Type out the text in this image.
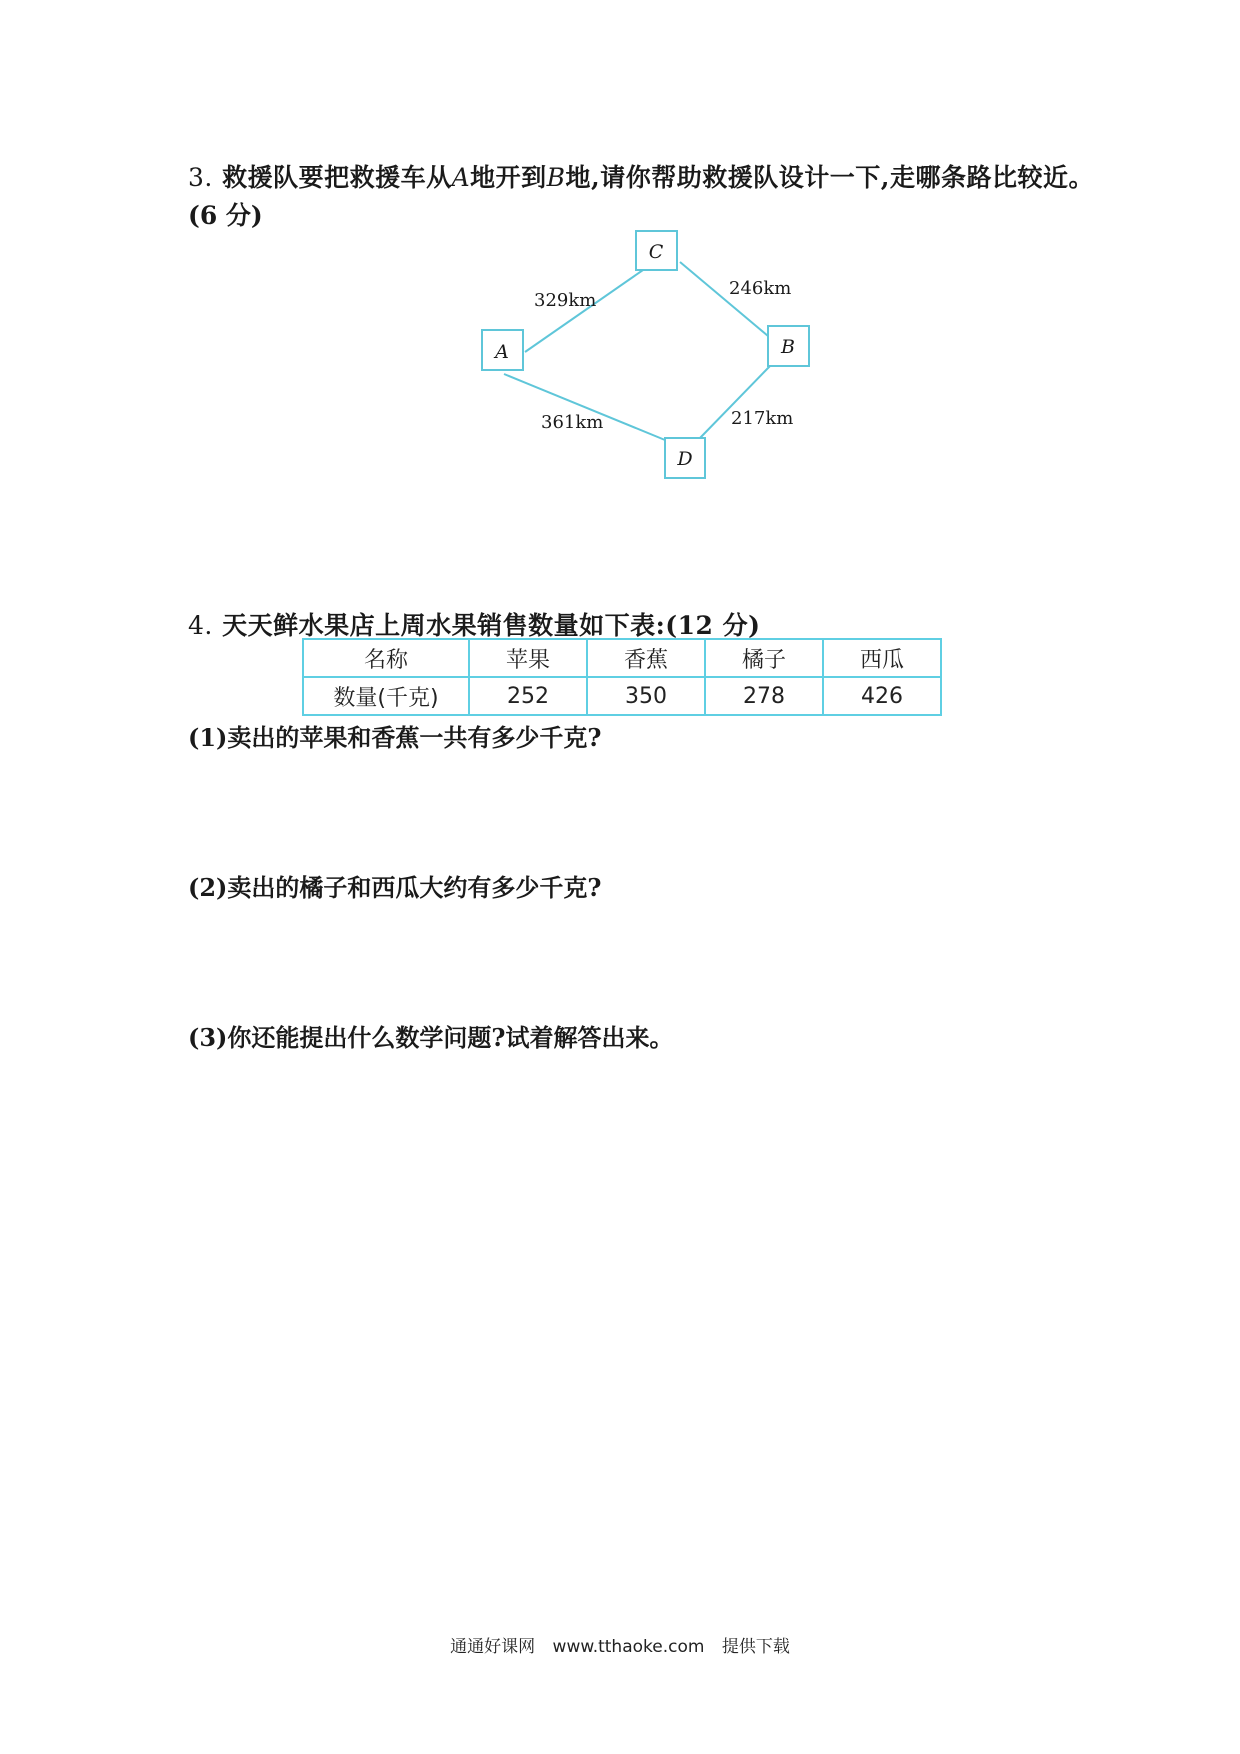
3. 救援队要把救援车从A地开到B地,请你帮助救援队设计一下,走哪条路比较近。
(6 分)
C
A	B
D
329km
246km
361km	217km
4. 天天鲜水果店上周水果销售数量如下表:(12 分)
名称	苹果	香蕉	橘子	西瓜
数量(千克)	252	350	278	426
(1)卖出的苹果和香蕉一共有多少千克?
(2)卖出的橘子和西瓜大约有多少千克?
(3)你还能提出什么数学问题?试着解答出来。
通通好课网 www.tthaoke.com 提供下载
